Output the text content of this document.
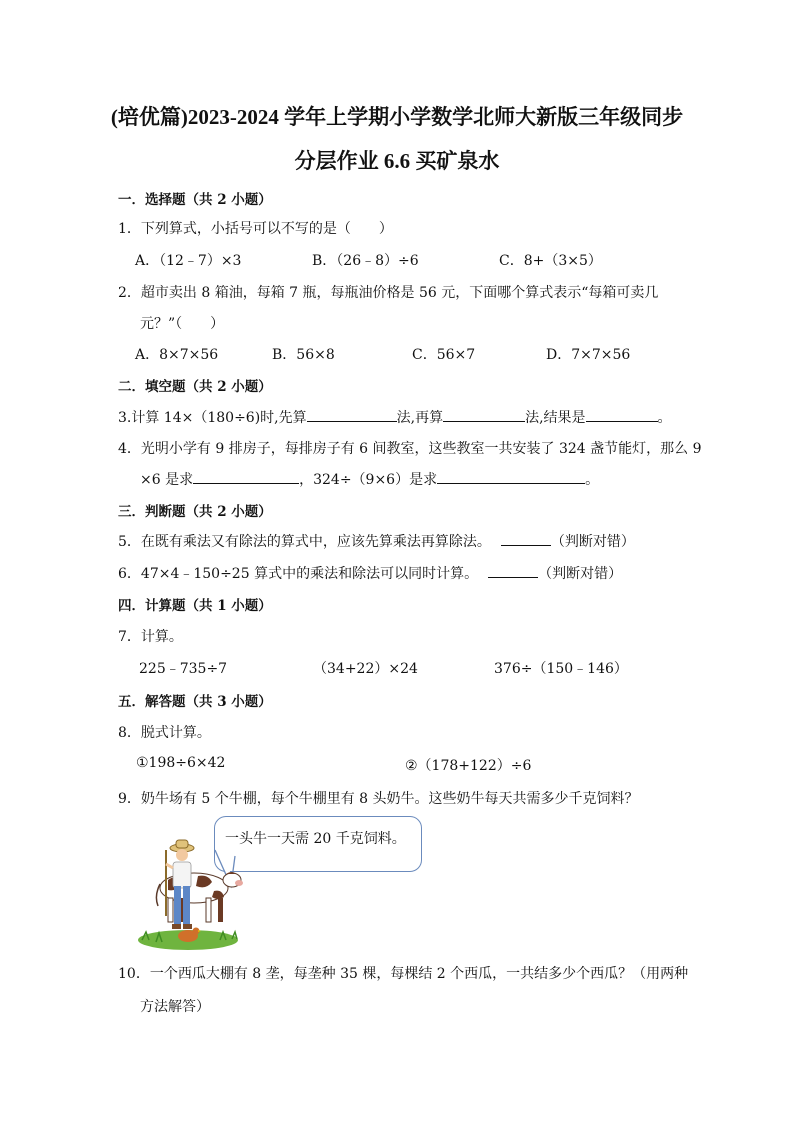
(培优篇)2023-2024 学年上学期小学数学北师大新版三年级同步
分层作业 6.6 买矿泉水
一．选择题（共 2 小题）
1．下列算式，小括号可以不写的是（　　）
A．（12﹣7）×3	B．（26﹣8）÷6	C．8+（3×5）
2．超市卖出 8 箱油，每箱 7 瓶，每瓶油价格是 56 元，下面哪个算式表示“每箱可卖几
元？”（　　）
A．8×7×56	B．56×8	C．56×7	D．7×7×56
二．填空题（共 2 小题）
3.计算 14×（180÷6)时,先算	法,再算	法,结果是	。
4．光明小学有 9 排房子，每排房子有 6 间教室，这些教室一共安装了 324 盏节能灯，那么 9
×6 是求	，324÷（9×6）是求	。
三．判断题（共 2 小题）
5．在既有乘法又有除法的算式中，应该先算乘法再算除法。	（判断对错）
6．47×4﹣150÷25 算式中的乘法和除法可以同时计算。	（判断对错）
四．计算题（共 1 小题）
7．计算。
225﹣735÷7	（34+22）×24	376÷（150﹣146）
五．解答题（共 3 小题）
8．脱式计算。
①198÷6×42	②（178+122）÷6
9．奶牛场有 5 个牛棚，每个牛棚里有 8 头奶牛。这些奶牛每天共需多少千克饲料？
一头牛一天需 20 千克饲料。
10．一个西瓜大棚有 8 垄，每垄种 35 棵，每棵结 2 个西瓜，一共结多少个西瓜？（用两种
方法解答）
